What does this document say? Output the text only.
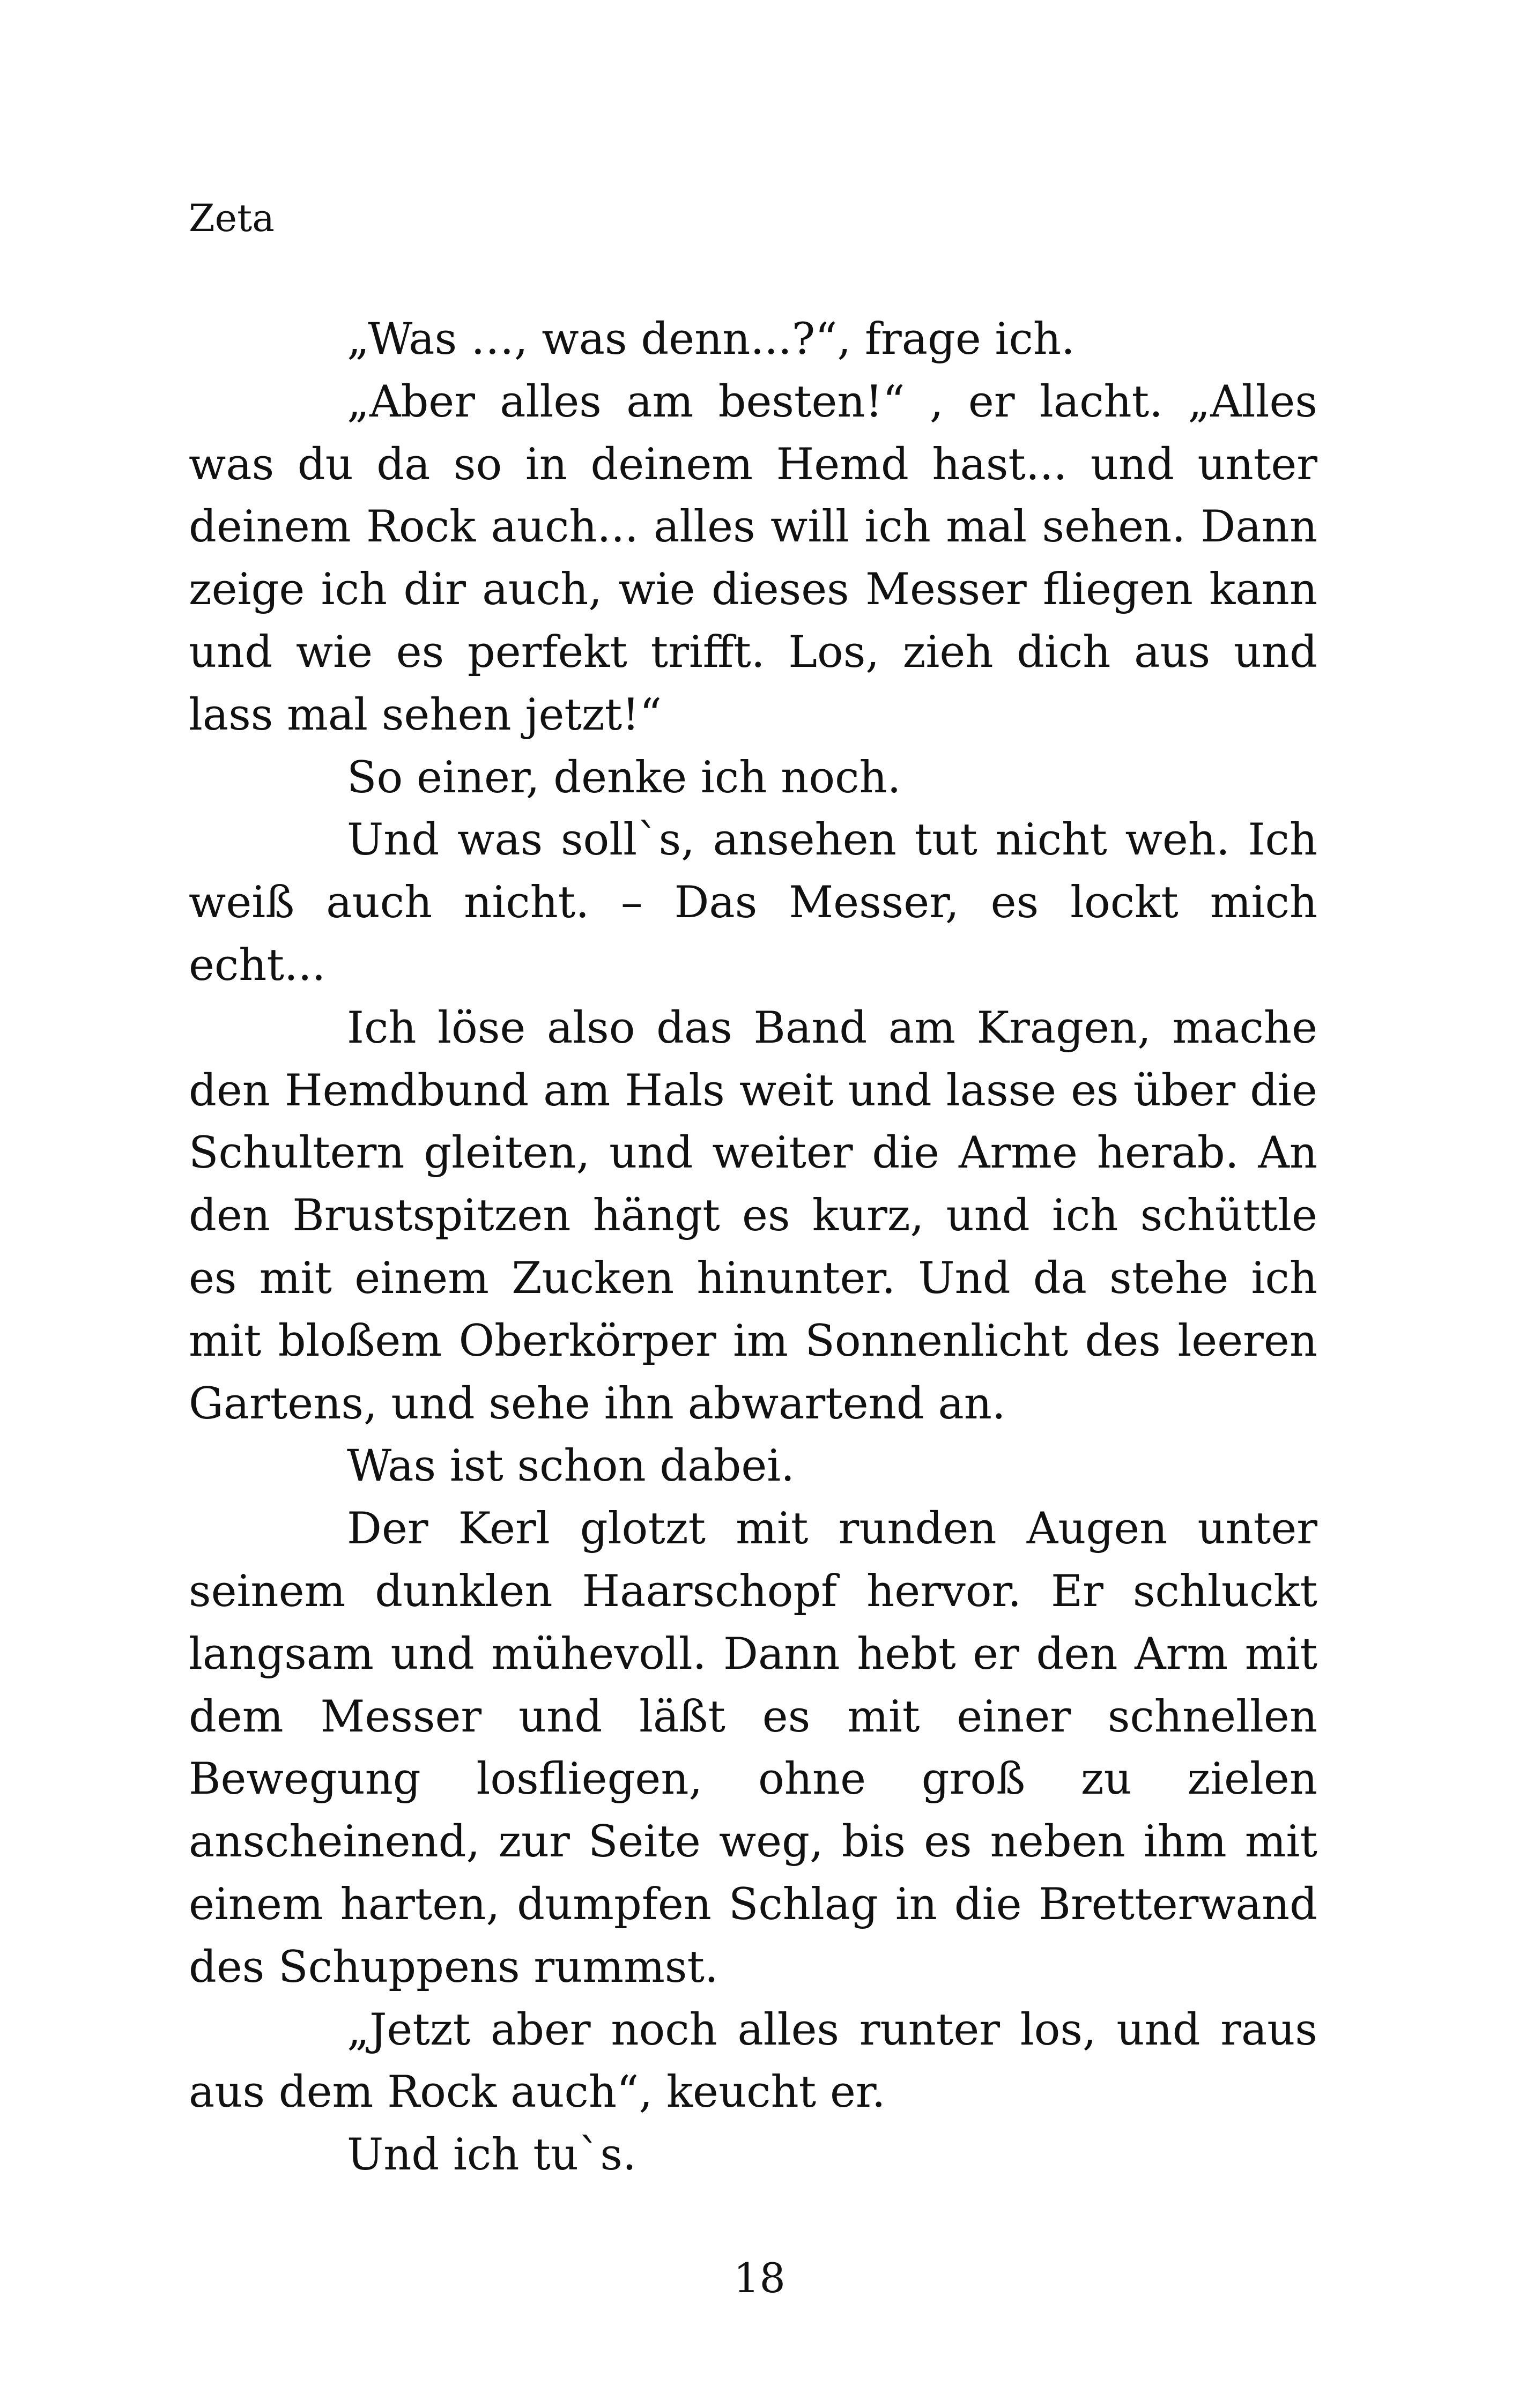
Zeta

„Was …, was denn...?“, frage ich.

„Aber alles am besten!“ , er lacht. „Alles was du da so in deinem Hemd hast... und unter deinem Rock auch... alles will ich mal sehen. Dann zeige ich dir auch, wie dieses Messer fliegen kann und wie es perfekt trifft. Los, zieh dich aus und lass mal sehen jetzt!“

So einer, denke ich noch.

Und was soll`s, ansehen tut nicht weh. Ich weiß auch nicht. – Das Messer, es lockt mich echt...

Ich löse also das Band am Kragen, mache den Hemdbund am Hals weit und lasse es über die Schultern gleiten, und weiter die Arme herab. An den Brustspitzen hängt es kurz, und ich schüttle es mit einem Zucken hinunter. Und da stehe ich mit bloßem Oberkörper im Sonnenlicht des leeren Gartens, und sehe ihn abwartend an.

Was ist schon dabei.

Der Kerl glotzt mit runden Augen unter seinem dunklen Haarschopf hervor. Er schluckt langsam und mühevoll. Dann hebt er den Arm mit dem Messer und läßt es mit einer schnellen Bewegung losfliegen, ohne groß zu zielen anscheinend, zur Seite weg, bis es neben ihm mit einem harten, dumpfen Schlag in die Bretterwand des Schuppens rummst.

„Jetzt aber noch alles runter los, und raus aus dem Rock auch“, keucht er.

Und ich tu`s.

18
